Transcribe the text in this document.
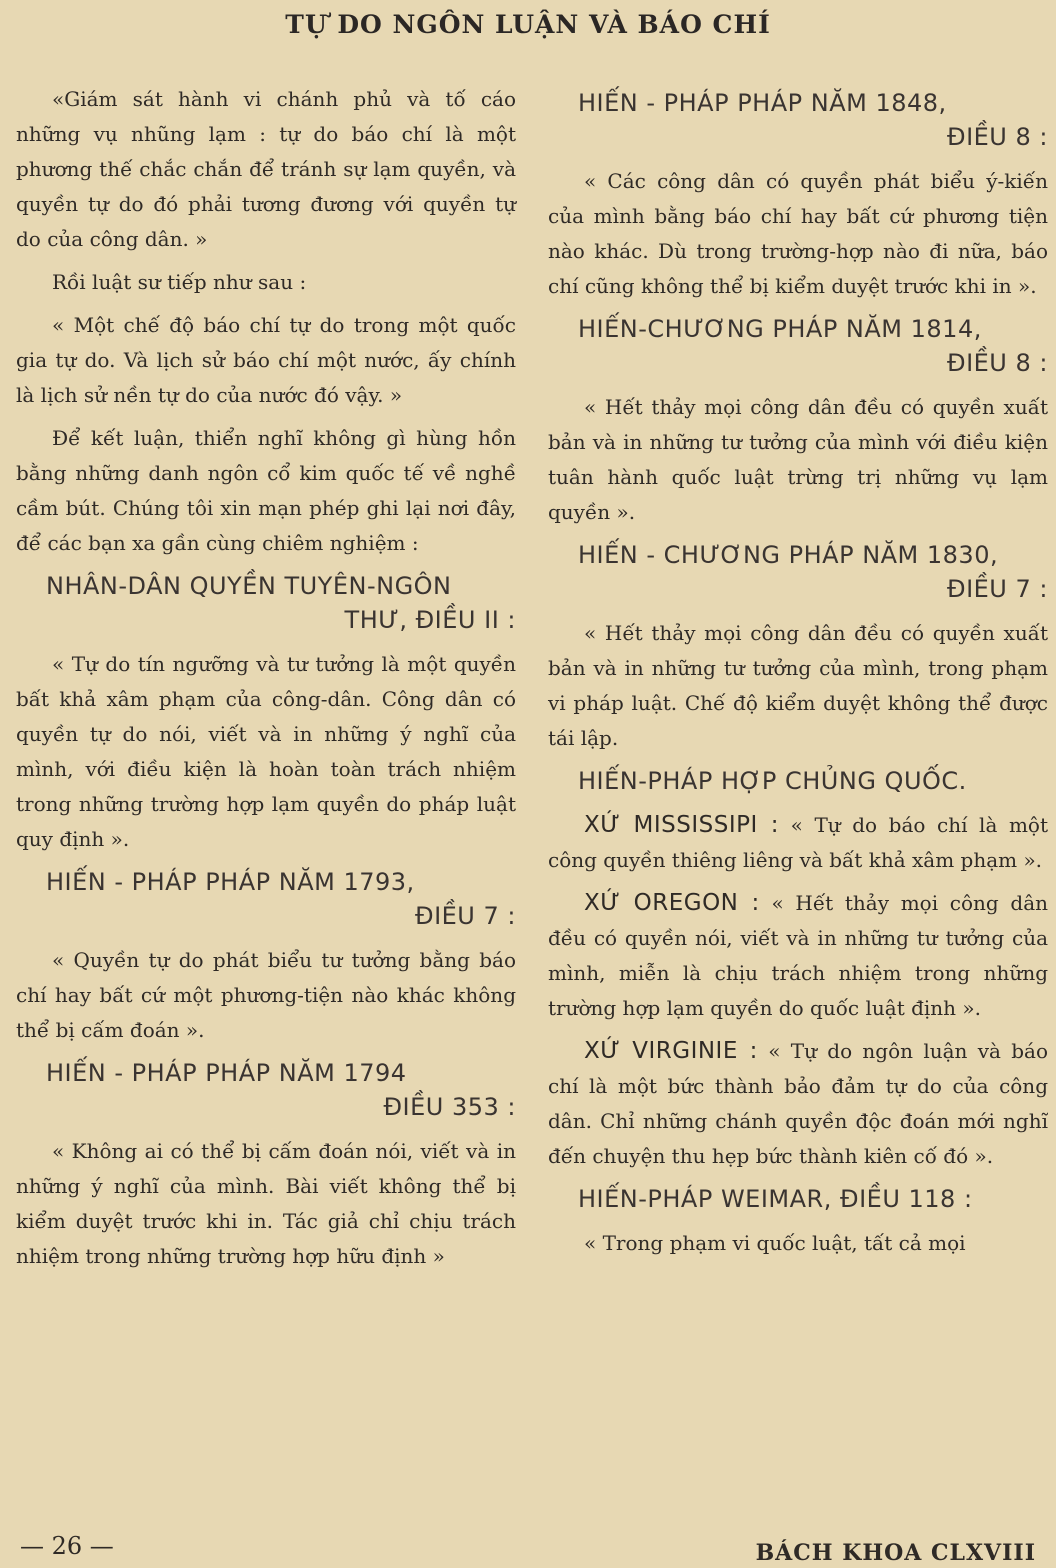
TỰ DO NGÔN LUẬN VÀ BÁO CHÍ

«Giám sát hành vi chánh phủ và tố cáo những vụ nhũng lạm : tự do báo chí là một phương thế chắc chắn để tránh sự lạm quyền, và quyền tự do đó phải tương đương với quyền tự do của công dân. »

Rồi luật sư tiếp như sau :

« Một chế độ báo chí tự do trong một quốc gia tự do. Và lịch sử báo chí một nước, ấy chính là lịch sử nền tự do của nước đó vậy. »

Để kết luận, thiển nghĩ không gì hùng hồn bằng những danh ngôn cổ kim quốc tế về nghề cầm bút. Chúng tôi xin mạn phép ghi lại nơi đây, để các bạn xa gần cùng chiêm nghiệm :

NHÂN-DÂN QUYỀN TUYÊN-NGÔN
THƯ, ĐIỀU II :

« Tự do tín ngưỡng và tư tưởng là một quyền bất khả xâm phạm của công-dân. Công dân có quyền tự do nói, viết và in những ý nghĩ của mình, với điều kiện là hoàn toàn trách nhiệm trong những trường hợp lạm quyền do pháp luật quy định ».

HIẾN - PHÁP PHÁP NĂM 1793,
ĐIỀU 7 :

« Quyền tự do phát biểu tư tưởng bằng báo chí hay bất cứ một phương-tiện nào khác không thể bị cấm đoán ».

HIẾN - PHÁP PHÁP NĂM 1794
ĐIỀU 353 :

« Không ai có thể bị cấm đoán nói, viết và in những ý nghĩ của mình. Bài viết không thể bị kiểm duyệt trước khi in. Tác giả chỉ chịu trách nhiệm trong những trường hợp hữu định »

HIẾN - PHÁP PHÁP NĂM 1848,
ĐIỀU 8 :

« Các công dân có quyền phát biểu ý-kiến của mình bằng báo chí hay bất cứ phương tiện nào khác. Dù trong trường-hợp nào đi nữa, báo chí cũng không thể bị kiểm duyệt trước khi in ».

HIẾN-CHƯƠNG PHÁP NĂM 1814,
ĐIỀU 8 :

« Hết thảy mọi công dân đều có quyền xuất bản và in những tư tưởng của mình với điều kiện tuân hành quốc luật trừng trị những vụ lạm quyền ».

HIẾN - CHƯƠNG PHÁP NĂM 1830,
ĐIỀU 7 :

« Hết thảy mọi công dân đều có quyền xuất bản và in những tư tưởng của mình, trong phạm vi pháp luật. Chế độ kiểm duyệt không thể được tái lập.

HIẾN-PHÁP HỢP CHỦNG QUỐC.

XỨ MISSISSIPI : « Tự do báo chí là một công quyền thiêng liêng và bất khả xâm phạm ».

XỨ OREGON : « Hết thảy mọi công dân đều có quyền nói, viết và in những tư tưởng của mình, miễn là chịu trách nhiệm trong những trường hợp lạm quyền do quốc luật định ».

XỨ VIRGINIE : « Tự do ngôn luận và báo chí là một bức thành bảo đảm tự do của công dân. Chỉ những chánh quyền độc đoán mới nghĩ đến chuyện thu hẹp bức thành kiên cố đó ».

HIẾN-PHÁP WEIMAR, ĐIỀU 118 :

« Trong phạm vi quốc luật, tất cả mọi

— 26 —	BÁCH KHOA CLXVIII
